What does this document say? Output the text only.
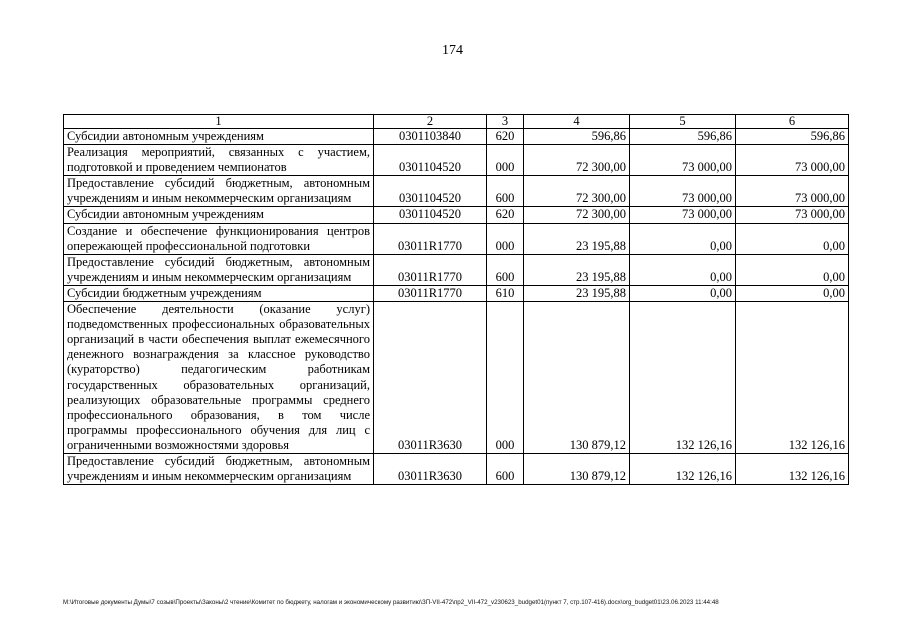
174
1	2	3	4	5	6
Субсидии автономным учреждениям	0301103840	620	596,86	596,86	596,86
Реализация мероприятий, связанных с участием, подготовкой и проведением чемпионатов	0301104520	000	72 300,00	73 000,00	73 000,00
Предоставление субсидий бюджетным, автономным учреждениям и иным некоммерческим организациям	0301104520	600	72 300,00	73 000,00	73 000,00
Субсидии автономным учреждениям	0301104520	620	72 300,00	73 000,00	73 000,00
Создание и обеспечение функционирования центров опережающей профессиональной подготовки	03011R1770	000	23 195,88	0,00	0,00
Предоставление субсидий бюджетным, автономным учреждениям и иным некоммерческим организациям	03011R1770	600	23 195,88	0,00	0,00
Субсидии бюджетным учреждениям	03011R1770	610	23 195,88	0,00	0,00
Обеспечение деятельности (оказание услуг) подведомственных профессиональных образовательных организаций в части обеспечения выплат ежемесячного денежного вознаграждения за классное руководство (кураторство) педагогическим работникам государственных образовательных организаций, реализующих образовательные программы среднего профессионального образования, в том числе программы профессионального обучения для лиц с ограниченными возможностями здоровья	03011R3630	000	130 879,12	132 126,16	132 126,16
Предоставление субсидий бюджетным, автономным учреждениям и иным некоммерческим организациям	03011R3630	600	130 879,12	132 126,16	132 126,16
M:\Итоговые документы Думы\7 созыв\Проекты\Законы\2 чтение\Комитет по бюджету, налогам и экономическому развитию\ЗП-VII-472\пр2_VII-472_v230623_budget01(пункт 7, стр.107-416).docx\org_budget01\23.06.2023 11:44:48
